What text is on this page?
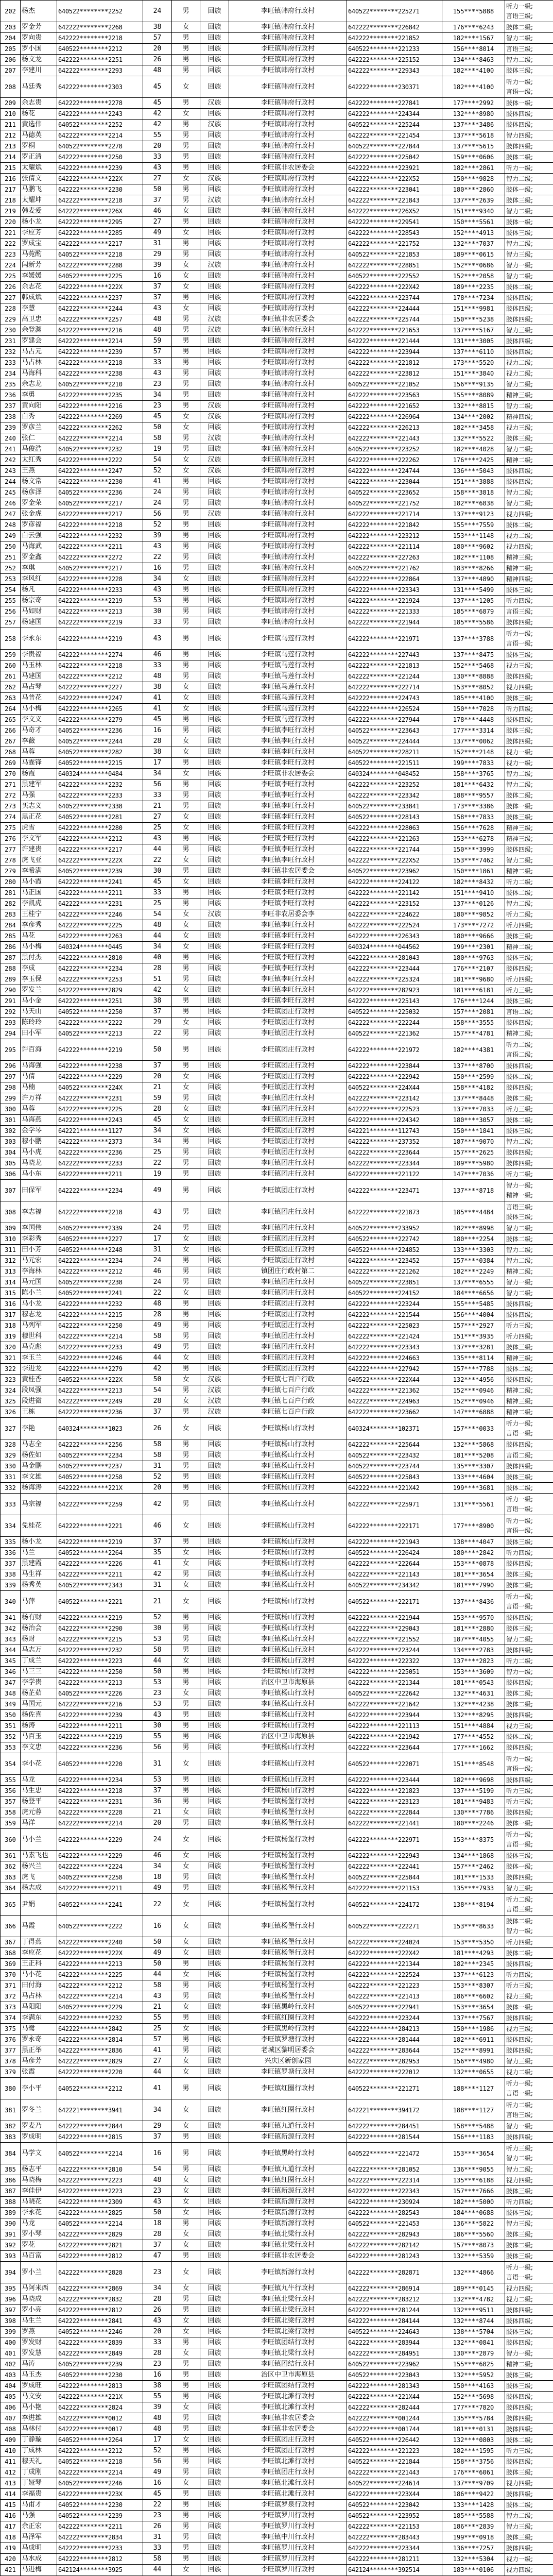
202	杨杰	640522********2252	24	男	回族	李旺镇韩府行政村	640522********225271	155****5888	听力一级;
言语三级;

203	罗金芳	642222********2268	38	女	回族	李旺镇韩府行政村	642222********226842	176****6243	肢体二级;

204	罗向贵	642222********2218	57	男	回族	李旺镇韩府行政村	642222********221852	182****1567	智力二级;

205	罗小国	640522********2212	20	男	回族	李旺镇韩府行政村	640522********221233	156****8014	言语三级;

206	杨文龙	642222********2251	26	男	回族	李旺镇韩府行政村	642222********225152	134****8463	智力二级;

207	李建川	642222********2293	48	男	回族	李旺镇韩府行政村	642222********229343	182****4100	肢体三级;

208	马廷秀	642222********2303	45	女	回族	李旺镇韩府行政村	642222********230371	182****4100	听力一级;
言语一级;

209	余志贵	642222********2278	45	男	汉族	李旺镇韩府行政村	642222********227841	177****2992	肢体一级;

210	杨花	642222********2243	42	女	回族	李旺镇韩府行政村	642222********224344	132****8980	肢体四级;

211	黄选伟	640522********2252	42	男	汉族	李旺镇韩府行政村	640522********225244	137****3486	肢体四级;

212	马德英	642222********2214	55	男	回族	李旺镇韩府行政村	642222********221454	137****5618	智力四级;

213	罗桐	640522********2278	20	男	回族	李旺镇韩府行政村	640522********227844	137****5615	肢体四级;

214	罗正清	642222********2250	33	男	回族	李旺镇韩府行政村	642222********225042	159****0606	肢体二级;

215	太耀斌	642222********2239	43	男	回族	李旺镇非农居委会	642222********223921	182****2861	听力一级;

216	张倩文	642222********222X	27	女	汉族	李旺镇韩府行政村	642222********222X52	150****9828	智力二级;

217	马鹏飞	642222********2230	50	男	回族	李旺镇韩府行政村	642222********223041	180****2860	肢体一级;

218	太耀坤	642222********2218	37	男	汉族	李旺镇韩府行政村	642222********221843	137****2639	肢体三级;

219	韩麦爱	642222********226X	46	女	回族	李旺镇韩府行政村	642222********226X52	151****9340	智力二级;

220	杨小龙	642222********2295	27	男	回族	李旺镇韩府行政村	642222********229541	150****5561	肢体一级;

221	李应芳	642222********2285	49	女	回族	李旺镇韩府行政村	642222********228543	152****4913	肢体三级;

222	罗成宝	642222********2217	31	男	回族	李旺镇韩府行政村	642222********221752	132****7037	智力二级;

223	马菀酌	640522********2218	29	男	回族	李旺镇韩府行政村	640522********221853	189****0615	智力三级;

224	闫新芳	642222********2288	39	女	汉族	李旺镇韩府行政村	642222********228851	152****0686	智力一级;

225	李媛媛	640522********2225	16	女	回族	李旺镇韩府行政村	640522********222552	152****2058	智力二级;

226	余志花	642222********222X	37	女	回族	李旺镇韩府行政村	642222********222X42	189****2235	肢体二级;

227	韩成斌	642222********2237	37	男	回族	李旺镇韩府行政村	642222********223744	178****7234	肢体四级;

228	李慧	642222********2244	43	女	回族	李旺镇韩府行政村	642222********224444	151****9981	肢体四级;

229	高卫忠	642222********2257	48	男	汉族	李旺镇非农居委会	642222********225744	150****5238	肢体四级;

230	余登渊	642222********2216	48	男	汉族	李旺镇韩府行政村	642222********221653	137****5167	智力三级;

231	罗建会	642222********2214	59	男	回族	李旺镇韩府行政村	642222********221444	131****3005	肢体四级;

232	马占元	642222********2239	57	男	回族	李旺镇韩府行政村	642222********223944	137****6110	肢体四级;

233	马占林	642222********2218	33	男	回族	李旺镇韩府行政村	642222********221812	173****5520	视力二级;

234	马海科	642222********2238	43	男	回族	李旺镇韩府行政村	642222********223812	151****3840	视力二级;

235	余志龙	640522********2210	23	男	回族	李旺镇韩府行政村	640522********221052	156****9135	智力二级;

236	李勇	642222********2235	34	男	回族	李旺镇韩府行政村	642222********223563	155****8089	精神三级;

237	黄向阳	642222********2216	23	男	汉族	李旺镇韩府行政村	642222********221652	132****8815	智力二级;

238	白秀	642222********2269	45	女	汉族	李旺镇韩府行政村	642222********226964	134****2002	精神四级;

239	罗彦兰	642222********2262	50	女	回族	李旺镇韩府行政村	642222********226213	182****3458	视力三级;

240	张仁	642222********2214	58	男	汉族	李旺镇韩府行政村	642222********221443	132****5522	肢体三级;

241	马俊浩	640522********2232	19	男	回族	李旺镇韩府行政村	640522********223252	182****4028	智力二级;

242	太红秀	642222********2222	54	女	汉族	李旺镇韩府行政村	642222********222262	176****2425	精神二级;

243	王燕	642222********2247	52	女	汉族	李旺镇韩府行政村	642222********224744	136****5043	肢体四级;

244	杨文常	642222********2230	41	男	回族	李旺镇韩府行政村	642222********223044	151****3888	肢体四级;

245	杨彦泽	640522********2236	24	男	回族	李旺镇韩府行政村	640522********223652	158****3818	智力二级;

246	罗金荣	640522********2217	24	男	回族	李旺镇韩府行政村	640522********221752	182****6838	智力二级;

247	张金虎	642222********2217	56	男	汉族	李旺镇韩府行政村	642222********221714	137****9123	视力四级;

248	罗彦福	642222********2218	52	男	回族	李旺镇韩府行政村	642222********221842	155****7559	肢体二级;

249	白云强	642222********2232	39	男	回族	李旺镇韩府行政村	642222********223212	153****1148	视力二级;

250	马海武	642222********2211	43	男	回族	李旺镇韩府行政村	642222********221114	180****9602	视力四级;

251	罗金鑫	642222********2272	22	男	回族	李旺镇韩府行政村	642222********227263	182****1108	精神三级;

252	李琪	640522********2217	16	男	回族	李旺镇韩府行政村	640522********221762	183****8266	精神二级;

253	李风红	642222********2228	34	女	回族	李旺镇韩府行政村	642222********222864	137****4890	精神四级;

254	杨凡	642222********2233	43	男	回族	李旺镇韩府行政村	642222********223343	131****5499	肢体三级;

255	杨宗奇	642222********2219	53	男	回族	李旺镇韩府行政村	642222********221924	137****1205	听力四级;

256	马如财	642222********2213	30	男	回族	李旺镇韩府行政村	642222********221333	185****6879	言语三级;

257	杨建国	642222********2219	33	男	回族	李旺镇韩府行政村	642222********221944	185****5586	肢体四级;

258	李永东	642222********2219	43	男	回族	李旺镇马莲行政村	642222********221971	137****3788	听力一级;
言语一级;

259	李贵福	642222********2274	46	男	回族	李旺镇马莲行政村	642222********227443	137****8475	肢体三级;

260	马玉林	642222********2218	33	男	回族	李旺镇马莲行政村	642222********221813	152****5468	视力三级;

261	马建国	642222********2212	48	男	回族	李旺镇马莲行政村	642222********221244	130****8888	肢体四级;

262	马占琴	642222********2227	38	女	回族	李旺镇马莲行政村	642222********222714	153****8052	视力四级;

263	马普花	642222********2247	41	女	回族	李旺镇马莲行政村	642222********224743	185****4100	肢体三级;

264	马小梅	642222********2265	41	女	回族	李旺镇马莲行政村	642222********226524	150****7028	听力四级;

265	李文义	642222********2279	45	男	回族	李旺镇马莲行政村	642222********227944	178****4448	肢体四级;

266	马奇才	640522********2236	16	男	回族	李旺镇李旺行政村	640522********223643	177****3314	肢体三级;

267	李薇	640522********2244	28	女	回族	李旺镇李旺行政村	640522********224444	137****0062	肢体四级;

268	马蓉	640522********2282	38	女	回族	李旺镇李旺行政村	640522********228211	152****2148	视力一级;

269	马霆锋	640522********2215	17	男	回族	李旺镇李旺行政村	640522********221511	199****7833	视力一级;

270	杨霞	640324********0484	34	女	回族	李旺镇非农居委会	640324********048452	158****3765	智力二级;

271	黑建军	642222********2232	56	男	回族	李旺镇李旺行政村	642222********223252	181****6432	智力二级;

272	马强	642222********2233	33	男	回族	李旺镇李旺行政村	642222********223342	188****9557	肢体二级;

273	买志义	640522********2338	21	男	回族	李旺镇李旺行政村	640522********233841	173****3386	肢体一级;

274	黑正花	640522********2281	27	女	回族	李旺镇李旺行政村	640522********228143	158****7833	肢体三级;

275	虎雪	642222********2280	25	女	回族	李旺镇李旺行政村	642222********228063	156****7628	精神三级;

276	李文军	642222********2212	43	男	回族	李旺镇李旺行政村	642222********221263	153****6278	精神三级;

277	许建贵	642222********2217	44	男	回族	李旺镇李旺行政村	642222********221744	150****3999	肢体四级;

278	虎飞亚	642222********222X	22	女	回族	李旺镇李旺行政村	642222********222X52	153****7462	智力二级;

279	李希满	640522********2239	30	男	回族	李旺镇非农居委会	640522********223962	150****1861	精神二级;

280	马小霞	642222********2241	45	女	回族	李旺镇李旺行政村	642222********224122	182****8432	听力二级;

281	马正国	642222********2211	33	男	回族	李旺镇李旺行政村	642222********221142	151****9410	肢体二级;

282	李凯虎	642222********2231	25	男	回族	李旺镇李旺行政村	642222********223152	137****0126	智力二级;

283	王桂宁	642222********2246	54	女	汉族	李旺非农居委会李	642222********224622	180****9852	听力二级;

284	李彦秀	642222********2225	48	女	回族	李旺镇李旺行政村	642222********222524	173****7272	听力四级;

285	马花	642222********2263	44	女	回族	李旺镇李旺行政村	642222********226343	180****9666	肢体三级;

286	马小梅	640324********0445	34	女	回族	李旺镇李旺行政村	640324********044562	199****2301	精神二级;

287	黑付杰	642222********2810	40	男	回族	李旺镇李旺行政村	642222********281043	180****9763	肢体三级;

288	李成	642222********2234	28	男	回族	李旺镇李旺行政村	642222********223444	176****2107	肢体四级;

289	李玉保	642222********2253	51	男	回族	李旺镇李旺行政村	642222********225324	181****9680	听力四级;

290	罗发兰	642222********2829	42	女	回族	李旺镇李旺行政村	642222********282923	181****6181	听力三级;

291	马小金	642222********2251	38	男	回族	李旺镇李旺行政村	642222********225143	176****1244	肢体三级;

292	马天山	640522********2250	37	男	回族	李旺镇团庄行政村	640522********225032	157****2081	言语二级;

293	陈玲玲	642222********2222	29	女	回族	李旺镇团庄行政村	642222********222244	158****3555	肢体四级;

294	田小军	640522********2213	22	男	回族	李旺镇团庄行政村	640522********221362	157****4781	精神二级;

295	许百海	642222********2219	50	男	回族	李旺镇团庄行政村	642222********221972	182****4381	听力二级;
言语二级;

296	马海强	642222********2238	37	男	回族	李旺镇团庄行政村	642222********223844	137****8700	肢体四级;

297	马倩	642222********2229	20	女	回族	李旺镇团庄行政村	642222********222942	150****2599	肢体二级;

298	马楠	640522********224X	21	女	回族	李旺镇团庄行政村	640522********224X44	158****4182	肢体四级;

299	许万祥	642222********2231	59	男	回族	李旺镇团庄行政村	642222********223142	137****8448	肢体二级;

300	马蓉	642222********2225	28	女	回族	李旺镇团庄行政村	642222********222523	137****7033	听力三级;

301	马海燕	642222********2243	45	女	回族	李旺镇团庄行政村	642222********224342	180****3057	肢体二级;

302	金学琴	642221********1127	34	女	回族	李旺镇团庄行政村	642221********112743	150****1841	肢体三级;

303	穆小鹏	642222********2373	34	男	回族	李旺镇团庄行政村	642222********237352	187****9070	智力二级;

304	马小虎	642222********2236	25	男	回族	李旺镇团庄行政村	642222********223644	157****2625	肢体四级;

305	马晓龙	642222********2233	22	男	回族	李旺镇团庄行政村	642222********223344	189****5980	肢体四级;

306	马小东	642222********2211	19	男	回族	李旺镇团庄行政村	642222********221122	147****7036	听力二级;

307	田保军	642222********2234	49	男	回族	李旺镇团庄行政村	642222********223471	137****8718	智力一级;
精神一级;

308	李志福	642222********2218	43	男	回族	李旺镇团庄行政村	642222********221873	185****4484	言语三级;
肢体三级;

309	李国伟	640522********2339	24	男	回族	李旺镇团庄行政村	640522********233952	182****8998	智力二级;

310	李彩秀	640522********2227	17	女	回族	李旺镇团庄行政村	640522********222742	180****2254	肢体二级;

311	田小芳	640522********2248	31	女	回族	李旺镇团庄行政村	640522********224852	133****3303	智力二级;

312	马元宏	642222********2234	24	男	回族	李旺镇团庄行政村	642222********223452	157****0384	智力二级;

313	李海林	642222********2212	46	男	回族	镇团庄行政村第二	642222********221262	182****2249	精神二级;

314	马元国	640522********2238	24	男	回族	李旺镇团庄行政村	640522********223851	137****6555	智力一级;

315	陈小兰	640522********2241	22	女	回族	李旺镇团庄行政村	640522********224152	184****6656	智力二级;

316	马小龙	642222********2232	48	男	回族	李旺镇团庄行政村	642222********223244	155****5485	肢体四级;

317	穆志龙	642222********2215	28	男	回族	李旺镇团庄行政村	642222********221544	156****4004	肢体四级;

318	马列军	642222********2250	49	男	回族	李旺镇团庄行政村	642222********225023	157****2927	听力三级;

319	穆世科	642222********2214	58	男	回族	李旺镇团庄行政村	642222********221424	151****3935	听力四级;

320	马克彪	642222********2233	49	男	回族	李旺镇团庄行政村	642222********223343	137****3281	肢体三级;

321	李玉兰	642222********2246	44	女	回族	李旺镇团庄行政村	642222********224663	135****8114	精神三级;

322	李进龙	642222********2279	42	男	回族	李旺镇团庄行政村	642222********227942	157****7788	肢体二级;

323	黄桂香	640522********222X	50	女	汉族	李旺镇七百户行政	640522********222X44	132****4956	肢体四级;

324	段凤强	642222********2213	54	男	汉族	李旺镇七百户行政	642222********221362	152****0946	精神二级;

325	段进微	642222********2249	28	女	汉族	李旺镇七百户行政	642222********224963	152****0946	精神三级;

326	王栋	642222********2236	37	男	汉族	李旺镇七百户行政	642222********223662	147****6888	精神二级;

327	李艳	640324********1023	26	女	回族	李旺镇杨山行政村	640324********102371	157****0033	听力一级;
言语一级;

328	马志全	642222********2256	58	男	回族	李旺镇杨山行政村	642222********225644	132****5868	肢体四级;

329	杨佐如	640522********2234	58	男	回族	李旺镇杨山行政村	640522********223432	181****5208	言语二级;

330	马金鹏	640522********2237	31	男	回族	李旺镇杨山行政村	640522********223744	135****3307	肢体四级;

331	李文雄	640522********2258	52	男	回族	李旺镇杨山行政村	640522********225843	133****4604	肢体三级;

332	杨海涛	642222********221X	20	男	回族	李旺镇杨山行政村	642222********221X42	199****3681	肢体二级;

333	马宗福	642222********2259	42	男	回族	李旺镇杨山行政村	642222********225971	131****5561	听力一级;
言语一级;

334	免桂花	642222********2221	46	女	回族	李旺镇杨山行政村	642222********222171	177****8900	听力一级;
言语一级;

335	杨小龙	642222********2219	37	男	回族	李旺镇杨山行政村	642222********221943	138****4047	肢体三级;

336	马兰	640522********2264	35	女	回族	李旺镇杨山行政村	640522********226424	180****2842	听力四级;

337	黑建霞	642222********2226	41	女	回族	李旺镇杨山行政村	642222********222644	153****0878	肢体四级;

338	马生祥	642222********2211	42	男	回族	李旺镇杨山行政村	642222********221143	181****3654	肢体三级;

339	杨秀英	640522********2343	31	女	回族	李旺镇杨山行政村	640522********234342	181****7990	肢体二级;

340	马萍	640522********2221	21	女	回族	李旺镇杨山行政村	640522********222171	137****8436	听力一级;
言语一级;

341	杨有财	642222********2219	52	男	回族	李旺镇杨山行政村	642222********221944	153****9570	肢体四级;

342	杨治会	642222********2290	30	男	回族	李旺镇杨山行政村	642222********229043	181****2880	肢体三级;

343	杨财	642222********2215	53	男	回族	李旺镇杨山行政村	642222********221552	187****4055	智力二级;

344	马志万	642222********2232	58	男	回族	李旺镇杨山行政村	642222********223244	134****2783	肢体四级;

345	丁成兰	642222********2223	44	女	回族	李旺镇杨山行政村	642222********222322	137****2823	听力二级;

346	马三三	642222********2250	50	男	回族	李旺镇杨山行政村	642222********225051	153****3609	智力一级;

347	李学贵	642222********2213	53	男	回族	治区中卫市海原县	642222********221344	181****0543	肢体四级;

348	杨芷茹	640522********2226	23	女	回族	李旺镇杨山行政村	640522********222642	132****4631	肢体二级;

349	马国元	642222********2216	53	男	回族	李旺镇杨山行政村	642222********221642	132****4238	肢体二级;

350	杨佐喜	642222********2239	43	男	回族	李旺镇杨山行政村	642222********223944	132****8295	肢体四级;

351	杨涛	642222********2211	30	男	回族	李旺镇杨山行政村	642222********221113	151****4884	视力三级;

352	马百玉	642222********2219	55	男	回族	治区中卫市海原县	642222********221942	177****4552	肢体二级;

353	李文忠	642222********2236	56	男	回族	李旺镇杨山行政村	642222********223644	177****1662	肢体四级;

354	李小花	640522********2220	31	女	回族	李旺镇杨山行政村	640522********222071	151****8548	听力一级;
言语一级;

355	马龙	642222********2234	53	男	回族	李旺镇杨山行政村	642222********223444	182****9698	肢体四级;

356	马生忠	642222********2218	37	男	回族	李旺镇杨山行政村	642222********221823	137****5199	听力三级;

357	杨登平	642222********2231	36	男	回族	李旺镇杨堡行政村	642222********223123	181****9483	听力三级;

358	虎元蓉	642222********2228	21	女	回族	李旺镇杨堡行政村	642222********222844	130****7786	肢体四级;

359	马洋	642222********2214	20	男	回族	李旺镇杨堡行政村	642222********221441	180****2246	肢体一级;

360	马小兰	642222********2229	24	女	回族	李旺镇杨堡行政村	642222********222971	153****8375	听力一级;
言语一级;

361	马素飞也	642222********2229	46	女	回族	李旺镇杨堡行政村	642222********222943	134****1868	肢体三级;

362	杨兴兰	642222********2224	34	女	回族	李旺镇杨堡行政村	642222********222441	157****2462	肢体一级;

363	虎飞	640522********2258	18	男	回族	李旺镇杨堡行政村	640522********225844	181****1533	肢体四级;

364	杨志成	642222********2211	49	男	回族	李旺镇杨堡行政村	642222********221153	135****7933	智力三级;

365	尹娟	640522********2241	22	女	回族	李旺镇杨堡行政村	640522********224172	138****8194	听力二级;
言语三级;

366	马霞	640522********2222	16	女	回族	李旺镇杨堡行政村	640522********222271	153****8633	肢体二级;
智力一级;

367	丁得燕	642222********2240	50	女	回族	李旺镇杨堡行政村	642222********224024	153****5350	听力四级;

368	李应花	642222********222X	49	女	回族	李旺镇杨堡行政村	642222********222X42	181****4293	肢体二级;

369	王正科	642222********2213	50	男	回族	李旺镇杨堡行政村	642222********221344	182****2345	肢体四级;

370	马小花	642222********2225	44	女	回族	李旺镇杨堡行政村	642222********222524	137****6123	听力四级;

371	田付海	642222********2212	58	男	回族	李旺镇杨堡行政村	642222********221223	153****8307	听力三级;

372	马占林	642222********2214	43	男	回族	李旺镇杨堡行政村	642222********221413	186****6602	视力三级;

373	马阳阳	640522********2229	21	女	回族	李旺镇黑岭行政村	640522********222941	153****3654	肢体一级;

374	李满东	642222********2232	55	男	回族	李旺镇红圈行政村	642222********223244	137****7567	肢体四级;

375	马鹭	642222********2842	25	女	回族	李旺镇黑岭行政村	642222********284213	150****1986	视力三级;

376	罗永奇	642222********2814	57	男	回族	李旺镇罗塘行政村	642222********281444	182****6911	肢体四级;

377	黑正举	642222********2836	41	男	回族	老城区黎明居委会	642222********283644	152****8991	肢体四级;

378	马彦芳	642222********2829	27	女	回族	兴庆区新创家园	642222********282953	156****4980	智力三级;

379	张霞	642222********2220	44	女	回族	李旺镇罗塘行政村	642222********222012	132****0655	视力二级;

380	李小平	640522********2212	41	男	回族	李旺镇红圈行政村	640522********221271	188****1127	听力一级;
言语一级;

381	罗冬兰	642221********3941	34	女	回族	李旺镇红圈行政村	642221********394172	188****1127	听力二级;
言语三级;

382	罗麦乃	642222********2844	29	女	回族	李旺镇九道行政村	642222********284451	158****5488	智力一级;

383	罗成明	642222********2815	37	男	回族	李旺镇新源行政村	642222********281544	156****1183	肢体四级;

384	马学文	640522********2214	16	男	回族	李旺镇黑岭行政村	640522********221472	153****3654	听力三级;
智力二级;

385	杨志平	642222********2810	54	男	回族	李旺镇九道行政村	642222********281052	136****9055	智力二级;

386	马晓梅	642222********2223	48	女	回族	李旺镇红圈行政村	642222********222314	135****6188	视力四级;

387	李佳伊	642222********2223	23	女	回族	李旺镇新源行政村	642222********222343	157****7666	肢体三级;

388	马晓花	642222********2309	43	女	回族	李旺镇新源行政村	642222********230924	182****5000	听力四级;

389	李永花	642222********2825	50	女	回族	李旺镇新源行政村	642222********282543	184****0688	肢体三级;

390	马龙	640522********2214	18	男	回族	李旺镇新源行政村	640522********221453	136****5822	智力三级;

391	罗小琴	642222********2829	28	女	回族	李旺镇北梁行政村	642222********282943	186****5560	肢体三级;

392	罗花	642222********2821	37	女	回族	李旺镇北梁行政村	642222********282142	157****8073	肢体二级;

393	马百富	642222********2812	47	男	回族	李旺镇非农居委会	642222********281243	132****5359	肢体三级;

394	罗小兰	642222********2828	23	女	回族	李旺镇新源行政村	642222********282871	132****4866	听力一级;
言语一级;

395	马阿米西	642222********2869	34	女	回族	李旺镇九牛行政村	642222********286914	189****0145	视力四级;

396	马晓成	642222********2832	28	男	回族	李旺镇北梁行政村	642222********283212	132****4782	视力二级;

397	罗小亮	642222********2812	26	男	回族	李旺镇北梁行政村	642222********281244	132****9511	肢体四级;

398	马生兰	642222********2841	43	女	回族	李旺镇北梁行政村	642222********284144	132****8744	肢体四级;

399	罗燕	640522********2246	20	女	回族	李旺镇北梁行政村	640522********224643	138****5704	肢体三级;

400	罗发财	642222********2839	33	男	回族	李旺镇团结行政村	642222********283944	132****0841	肢体四级;

401	罗发慧	642222********2849	28	女	回族	李旺镇北梁行政村	642222********284951	130****2879	智力一级;

402	马涛	640522********2239	23	男	回族	李旺镇团结行政村	640522********223962	155****6825	精神二级;

403	马玉杰	640522********2230	16	男	回族	治区中卫市海原县	640522********223043	132****5952	肢体三级;

404	罗成旺	642222********2813	38	男	回族	李旺镇团结行政村	642222********281343	150****4163	肢体三级;

405	马文安	642222********221X	55	男	回族	李旺镇北滩行政村	642222********221X44	152****5698	肢体四级;

406	马小艳	642222********2824	39	女	回族	李旺镇北滩行政村	642222********282444	177****7820	肢体四级;

407	李进雄	642222********0012	48	男	回族	李旺镇非农居委会	642222********001244	135****5784	肢体四级;

408	马林付	642222********0017	48	男	回族	李旺镇非农居委会	642222********001744	181****0131	肢体四级;

409	丁静璇	640522********2264	17	女	回族	李旺镇团庄行政村	640522********226442	132****0803	肢体二级;

410	丁成林	642222********2212	52	男	回族	李旺镇团庄行政村	642222********221223	182****1595	听力三级;

411	穆天礼	640522********2218	56	男	回族	李旺镇北滩行政村	640522********221844	158****3756	肢体四级;

412	丁成刚	642222********2214	49	男	回族	李旺镇团庄行政村	642222********221443	176****6061	肢体三级;

413	丁娅琴	640522********2246	16	女	回族	李旺镇北滩行政村	640522********224614	137****9709	视力四级;

414	李福贵	642222********223X	45	男	回族	李旺镇北滩行政村	642222********223X44	186****9422	肢体四级;

415	马甫才	640522********2230	22	男	回族	李旺镇罗泉行政村	640522********223042	133****1428	肢体二级;

416	马强	640522********2239	23	男	回族	李旺镇罗川行政村	640522********223952	185****5588	智力二级;

417	余正宏	642222********2211	26	男	回族	李旺镇罗川行政村	642222********221153	186****2839	智力三级;

418	马泽军	642222********2834	31	男	回族	李旺镇中川行政村	642222********283443	199****0918	肢体三级;

419	马成明	642222********2233	33	男	回族	李旺镇罗川行政村	642222********223344	136****7257	肢体四级;

420	马水成	642222********2812	58	男	回族	李旺镇罗川行政村	642222********281211	132****5304	视力一级;

421	马进梅	642124********3925	44	女	回族	李旺镇罗川行政村	642124********392514	183****0106	视力四级;
